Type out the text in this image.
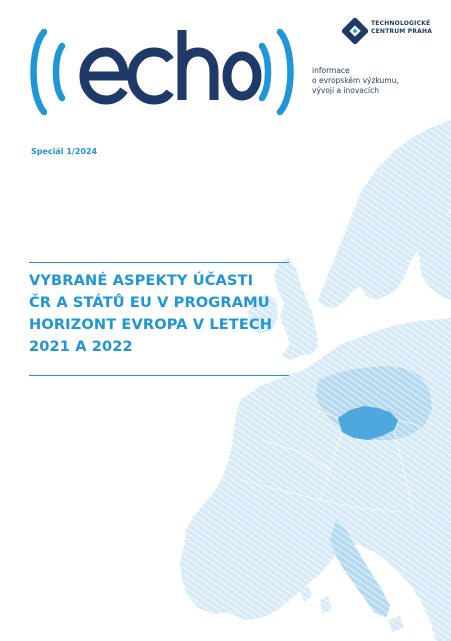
TECHNOLOGICKÉ
CENTRUM PRAHA
informace
o evropském výzkumu,
vývoji a inovacích
Speciál 1/2024
VYBRANÉ ASPEKTY ÚČASTI
ČR A STÁTŮ EU V PROGRAMU
HORIZONT EVROPA V LETECH
2021 A 2022
